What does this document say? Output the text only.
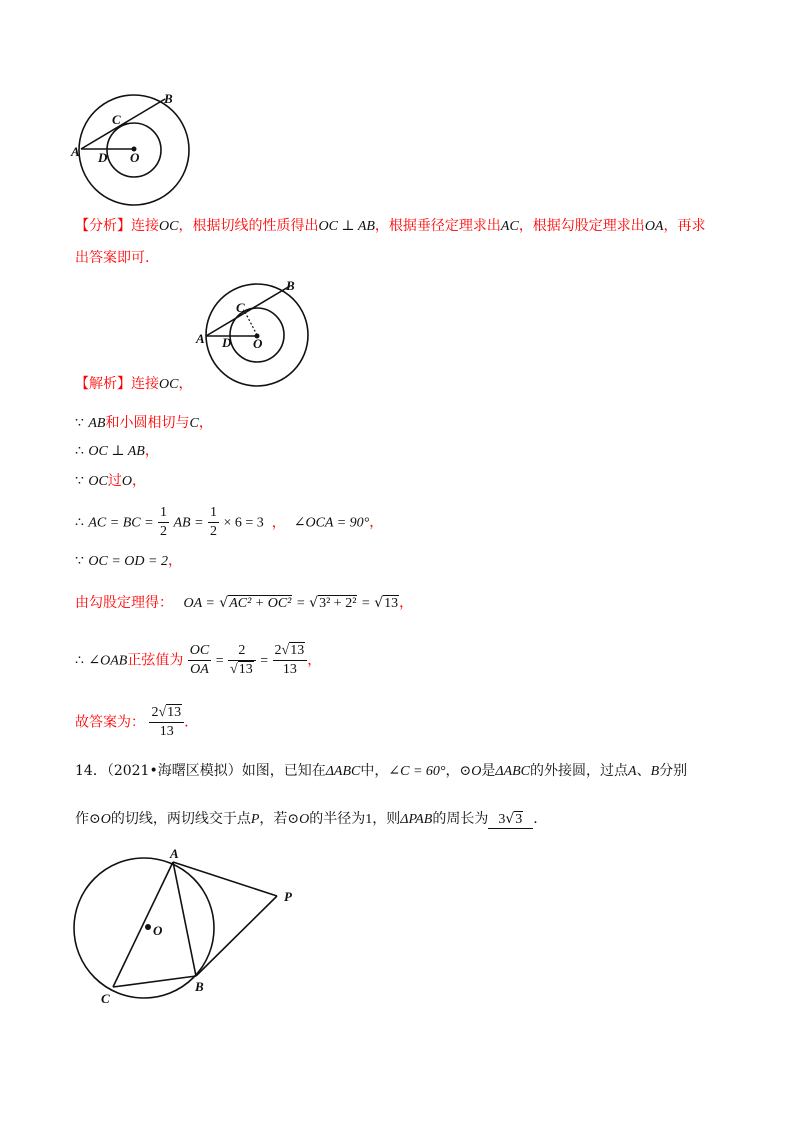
A
B
C
D O
【分析】连接OC，根据切线的性质得出OC ⊥ AB，根据垂径定理求出AC，根据勾股定理求出OA，再求
出答案即可.
A
B
C
D O
【解析】连接OC，
∵ AB和小圆相切与C，
∴ OC ⊥ AB，
∵ OC过O，
∴ AC = BC = $\frac{1}{2}$ AB = $\frac{1}{2} \times 6 = 3$ ， ∠OCA = 90°，
∵ OC = OD = 2，
由勾股定理得： OA = √AC² + OC² = √3² + 2² = √13，
∴ ∠OAB正弦值为 $\frac{OC}{OA} = \frac{2}{√13} = \frac{2√13}{13}$ ，
故答案为： $\frac{2√13}{13}$ .
14．（2021•海曙区模拟）如图，已知在ΔABC中，∠C = 60°，⊙O是ΔABC的外接圆，过点A、B分别
作⊙O的切线，两切线交于点P，若⊙O的半径为1，则ΔPAB的周长为 3√3 .
A
B
C
O
P
